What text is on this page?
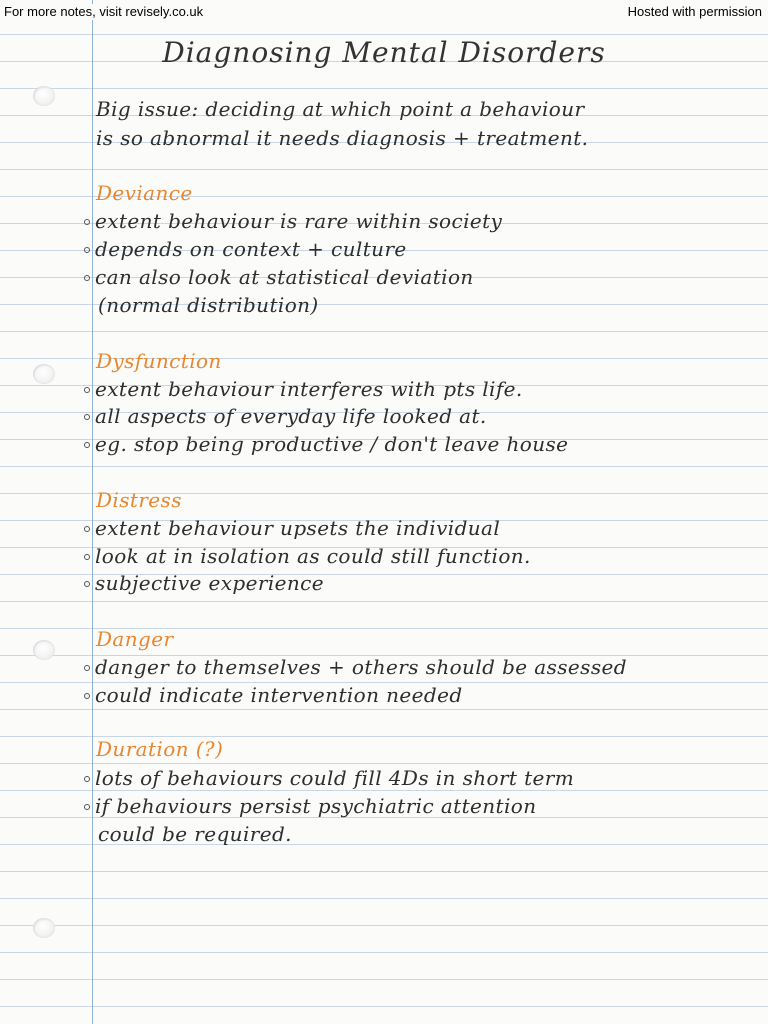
For more notes, visit revisely.co.uk	Hosted with permission
Diagnosing Mental Disorders
Big issue: deciding at which point a behaviour
is so abnormal it needs diagnosis + treatment.
Deviance
extent behaviour is rare within society
depends on context + culture
can also look at statistical deviation
(normal distribution)
Dysfunction
extent behaviour interferes with pts life.
all aspects of everyday life looked at.
eg. stop being productive / don't leave house
Distress
extent behaviour upsets the individual
look at in isolation as could still function.
subjective experience
Danger
danger to themselves + others should be assessed
could indicate intervention needed
Duration (?)
lots of behaviours could fill 4Ds in short term
if behaviours persist psychiatric attention
could be required.
